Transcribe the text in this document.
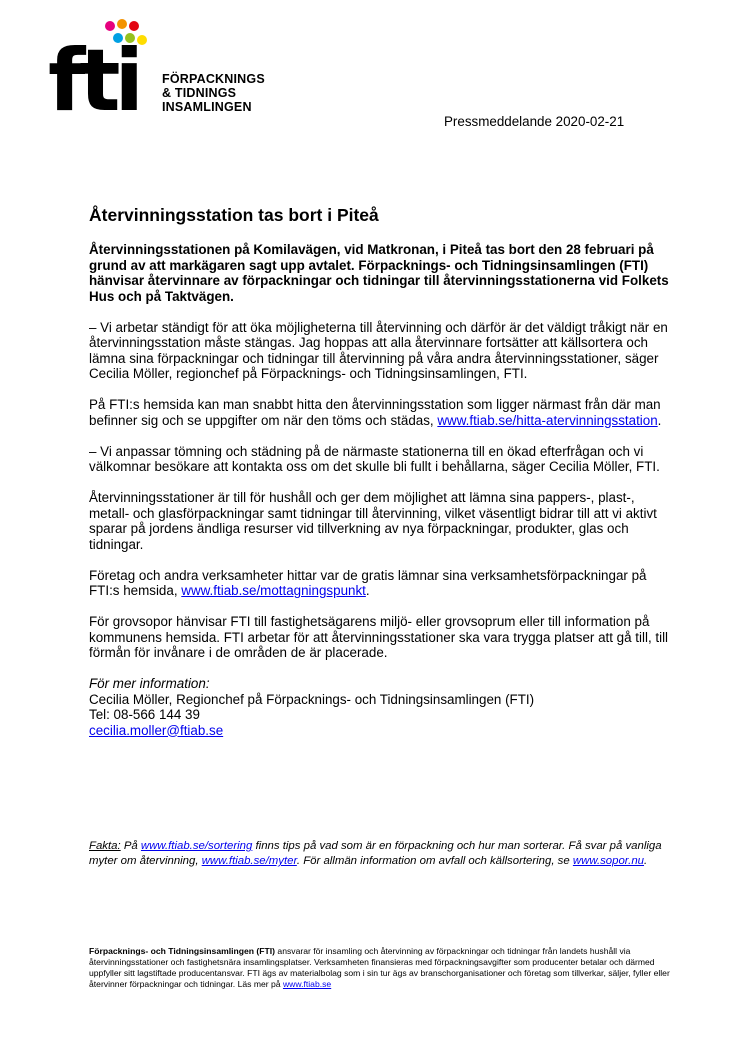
fti FÖRPACKNINGS
& TIDNINGS
INSAMLINGEN
Pressmeddelande 2020-02-21
Återvinningsstation tas bort i Piteå
Återvinningsstationen på Komilavägen, vid Matkronan, i Piteå tas bort den 28 februari på grund av att markägaren sagt upp avtalet. Förpacknings- och Tidningsinsamlingen (FTI) hänvisar återvinnare av förpackningar och tidningar till återvinningsstationerna vid Folkets Hus och på Taktvägen.
– Vi arbetar ständigt för att öka möjligheterna till återvinning och därför är det väldigt tråkigt när en återvinningsstation måste stängas. Jag hoppas att alla återvinnare fortsätter att källsortera och lämna sina förpackningar och tidningar till återvinning på våra andra återvinningsstationer, säger Cecilia Möller, regionchef på Förpacknings- och Tidningsinsamlingen, FTI.
På FTI:s hemsida kan man snabbt hitta den återvinningsstation som ligger närmast från där man befinner sig och se uppgifter om när den töms och städas, www.ftiab.se/hitta-atervinningsstation.
– Vi anpassar tömning och städning på de närmaste stationerna till en ökad efterfrågan och vi välkomnar besökare att kontakta oss om det skulle bli fullt i behållarna, säger Cecilia Möller, FTI.
Återvinningsstationer är till för hushåll och ger dem möjlighet att lämna sina pappers-, plast-, metall- och glasförpackningar samt tidningar till återvinning, vilket väsentligt bidrar till att vi aktivt sparar på jordens ändliga resurser vid tillverkning av nya förpackningar, produkter, glas och tidningar.
Företag och andra verksamheter hittar var de gratis lämnar sina verksamhetsförpackningar på FTI:s hemsida, www.ftiab.se/mottagningspunkt.
För grovsopor hänvisar FTI till fastighetsägarens miljö- eller grovsoprum eller till information på kommunens hemsida. FTI arbetar för att återvinningsstationer ska vara trygga platser att gå till, till förmån för invånare i de områden de är placerade.
För mer information:
Cecilia Möller, Regionchef på Förpacknings- och Tidningsinsamlingen (FTI)
Tel: 08-566 144 39
cecilia.moller@ftiab.se
Fakta: På www.ftiab.se/sortering finns tips på vad som är en förpackning och hur man sorterar. Få svar på vanliga myter om återvinning, www.ftiab.se/myter. För allmän information om avfall och källsortering, se www.sopor.nu.
Förpacknings- och Tidningsinsamlingen (FTI) ansvarar för insamling och återvinning av förpackningar och tidningar från landets hushåll via återvinningsstationer och fastighetsnära insamlingsplatser. Verksamheten finansieras med förpackningsavgifter som producenter betalar och därmed uppfyller sitt lagstiftade producentansvar. FTI ägs av materialbolag som i sin tur ägs av branschorganisationer och företag som tillverkar, säljer, fyller eller återvinner förpackningar och tidningar. Läs mer på www.ftiab.se
